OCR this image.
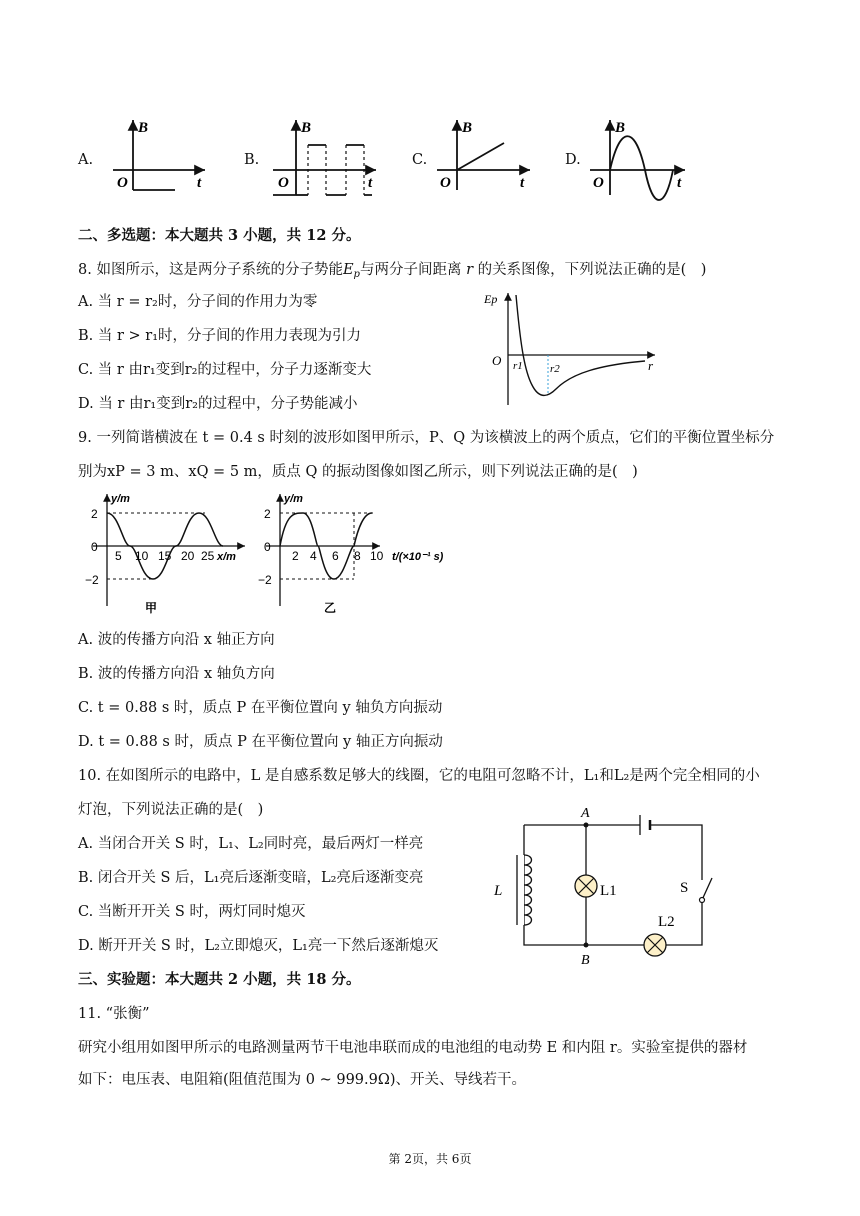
A.	B.	C.	D.
B
O	t
B
O	t
B
O	t
B
O	t
二、多选题：本大题共 3 小题，共 12 分。
8. 如图所示，这是两分子系统的分子势能$E_p$与两分子间距离 r 的关系图像，下列说法正确的是(　)
A. 当 r = r₂时，分子间的作用力为零
B. 当 r > r₁时，分子间的作用力表现为引力
C. 当 r 由r₁变到r₂的过程中，分子力逐渐变大
D. 当 r 由r₁变到r₂的过程中，分子势能减小
Ep
O r1 r2	r
9. 一列简谐横波在 t = 0.4 s 时刻的波形如图甲所示，P、Q 为该横波上的两个质点，它们的平衡位置坐标分
别为xP = 3 m、xQ = 5 m，质点 Q 的振动图像如图乙所示，则下列说法正确的是(　)
y/m
2
0
−2
5 10 15 20 25 x/m
甲
y/m
2
0
−2
2 4 6 8 10 t/(×10⁻¹ s)
乙
A. 波的传播方向沿 x 轴正方向
B. 波的传播方向沿 x 轴负方向
C. t = 0.88 s 时，质点 P 在平衡位置向 y 轴负方向振动
D. t = 0.88 s 时，质点 P 在平衡位置向 y 轴正方向振动
10. 在如图所示的电路中，L 是自感系数足够大的线圈，它的电阻可忽略不计，L₁和L₂是两个完全相同的小
灯泡，下列说法正确的是(　)
A. 当闭合开关 S 时，L₁、L₂同时亮，最后两灯一样亮
B. 闭合开关 S 后，L₁亮后逐渐变暗，L₂亮后逐渐变亮
C. 当断开开关 S 时，两灯同时熄灭
D. 断开开关 S 时，L₂立即熄灭，L₁亮一下然后逐渐熄灭
A
B
L	L1
L2
S
三、实验题：本大题共 2 小题，共 18 分。
11. “张衡”
研究小组用如图甲所示的电路测量两节干电池串联而成的电池组的电动势 E 和内阻 r。实验室提供的器材
如下：电压表、电阻箱(阻值范围为 0 ~ 999.9Ω)、开关、导线若干。
第 2页，共 6页
